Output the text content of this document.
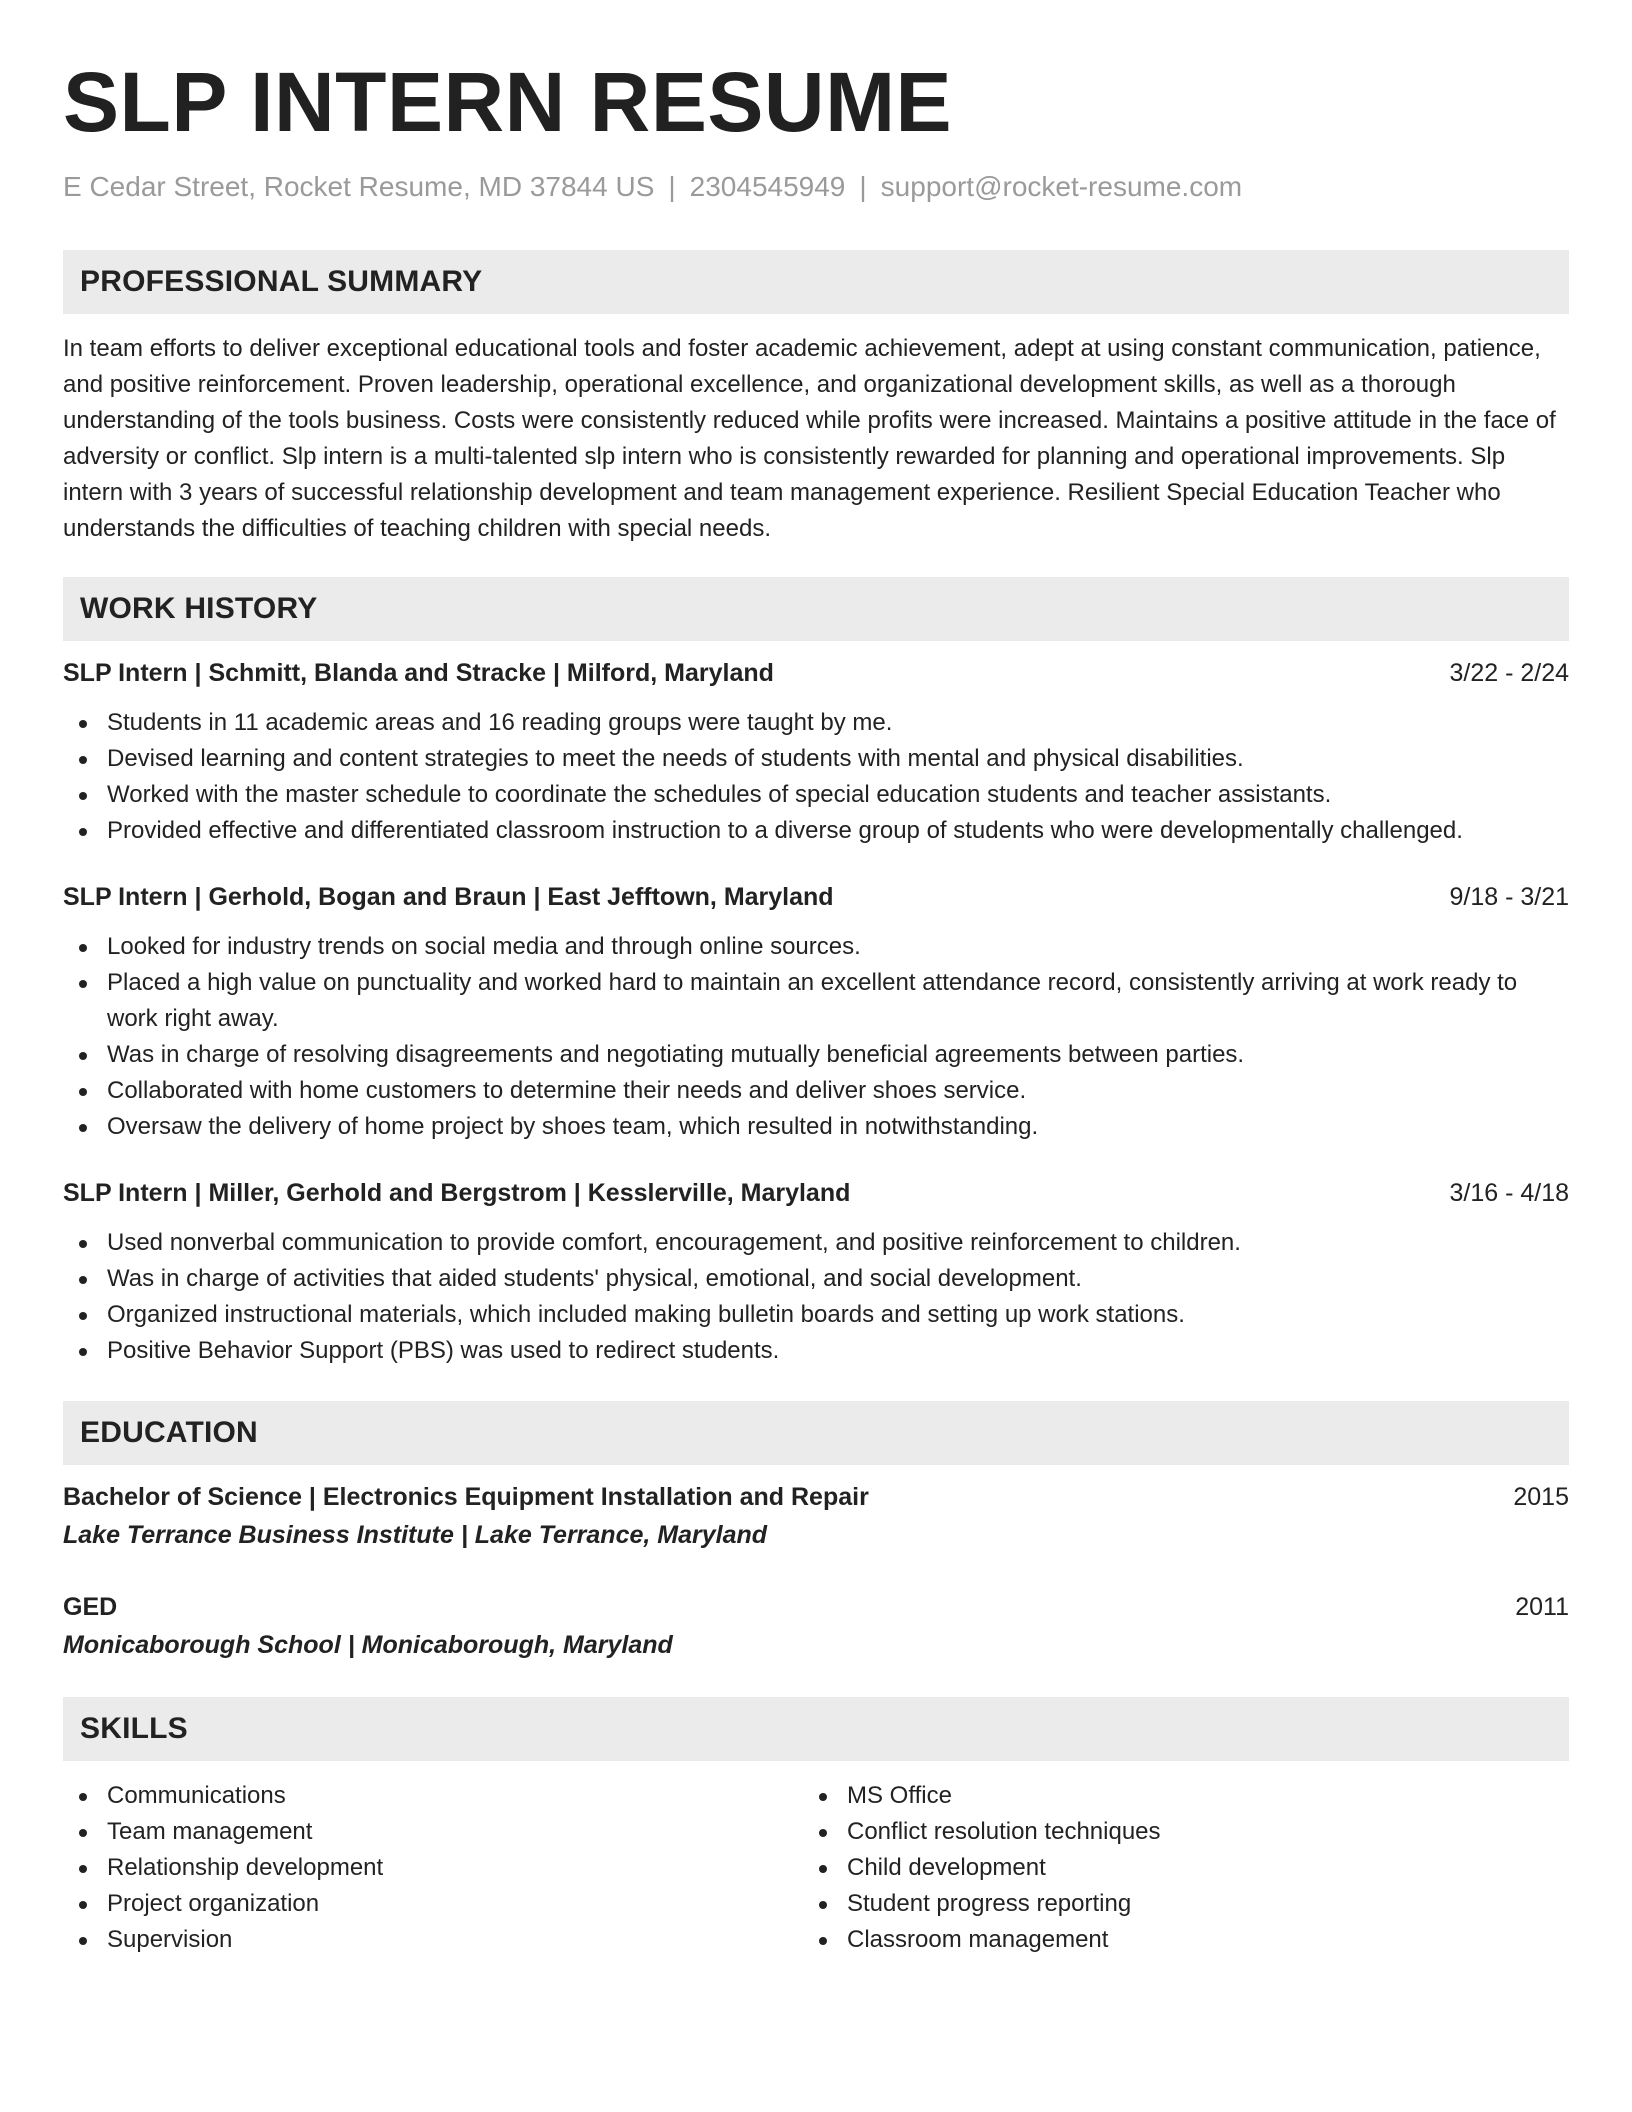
SLP INTERN RESUME
E Cedar Street, Rocket Resume, MD 37844 US | 2304545949 | support@rocket-resume.com
PROFESSIONAL SUMMARY

In team efforts to deliver exceptional educational tools and foster academic achievement, adept at using constant communication, patience, and positive reinforcement. Proven leadership, operational excellence, and organizational development skills, as well as a thorough understanding of the tools business. Costs were consistently reduced while profits were increased. Maintains a positive attitude in the face of adversity or conflict. Slp intern is a multi-talented slp intern who is consistently rewarded for planning and operational improvements. Slp intern with 3 years of successful relationship development and team management experience. Resilient Special Education Teacher who understands the difficulties of teaching children with special needs.

WORK HISTORY
SLP Intern | Schmitt, Blanda and Stracke | Milford, Maryland	3/22 - 2/24
Students in 11 academic areas and 16 reading groups were taught by me.
Devised learning and content strategies to meet the needs of students with mental and physical disabilities.
Worked with the master schedule to coordinate the schedules of special education students and teacher assistants.
Provided effective and differentiated classroom instruction to a diverse group of students who were developmentally challenged.
SLP Intern | Gerhold, Bogan and Braun | East Jefftown, Maryland	9/18 - 3/21
Looked for industry trends on social media and through online sources.
Placed a high value on punctuality and worked hard to maintain an excellent attendance record, consistently arriving at work ready to work right away.
Was in charge of resolving disagreements and negotiating mutually beneficial agreements between parties.
Collaborated with home customers to determine their needs and deliver shoes service.
Oversaw the delivery of home project by shoes team, which resulted in notwithstanding.
SLP Intern | Miller, Gerhold and Bergstrom | Kesslerville, Maryland	3/16 - 4/18
Used nonverbal communication to provide comfort, encouragement, and positive reinforcement to children.
Was in charge of activities that aided students' physical, emotional, and social development.
Organized instructional materials, which included making bulletin boards and setting up work stations.
Positive Behavior Support (PBS) was used to redirect students.
EDUCATION
Bachelor of Science | Electronics Equipment Installation and Repair	2015
Lake Terrance Business Institute | Lake Terrance, Maryland
GED	2011
Monicaborough School | Monicaborough, Maryland
SKILLS
Communications
Team management
Relationship development
Project organization
Supervision
MS Office
Conflict resolution techniques
Child development
Student progress reporting
Classroom management
